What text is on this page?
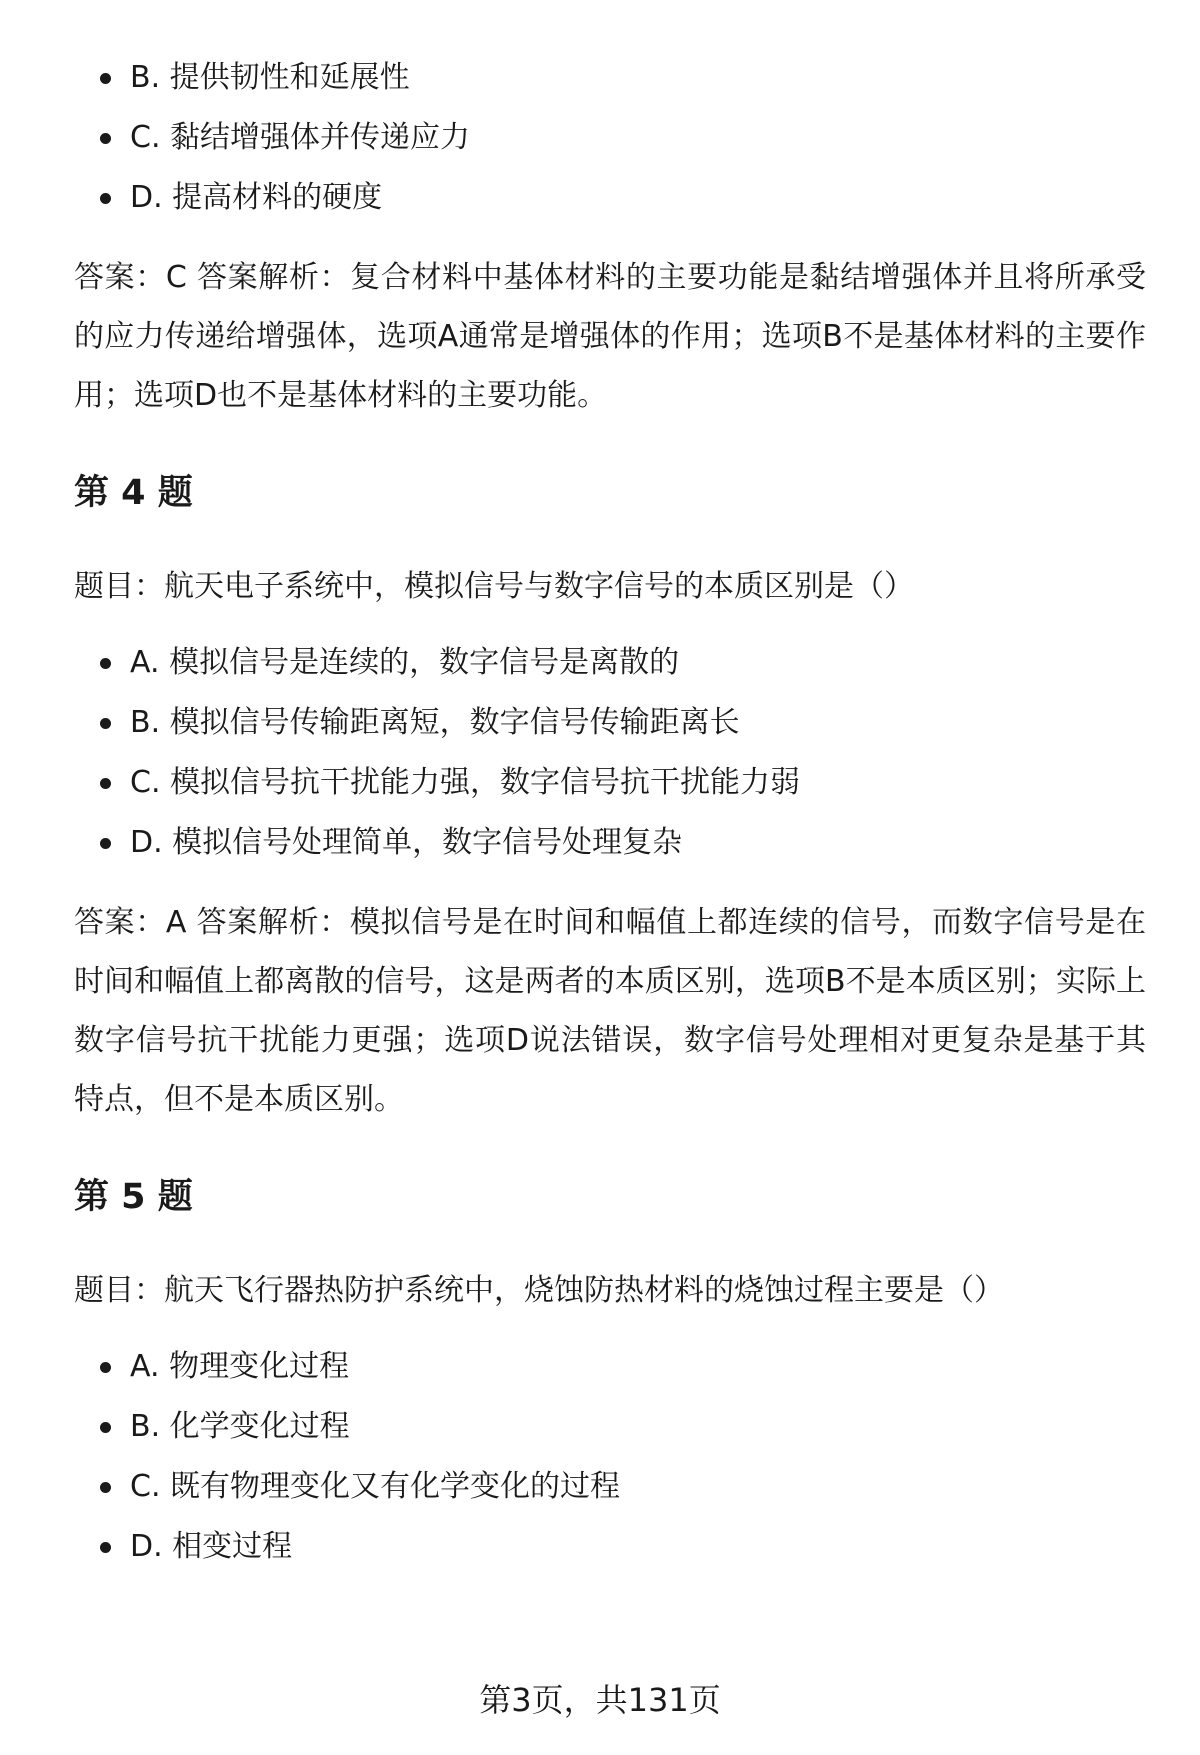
B. 提供韧性和延展性
C. 黏结增强体并传递应力
D. 提高材料的硬度

答案：C 答案解析：复合材料中基体材料的主要功能是黏结增强体并且将所承受的应力传递给增强体，选项A通常是增强体的作用；选项B不是基体材料的主要作用；选项D也不是基体材料的主要功能。

第 4 题

题目：航天电子系统中，模拟信号与数字信号的本质区别是（）

A. 模拟信号是连续的，数字信号是离散的
B. 模拟信号传输距离短，数字信号传输距离长
C. 模拟信号抗干扰能力强，数字信号抗干扰能力弱
D. 模拟信号处理简单，数字信号处理复杂

答案：A 答案解析：模拟信号是在时间和幅值上都连续的信号，而数字信号是在时间和幅值上都离散的信号，这是两者的本质区别，选项B不是本质区别；实际上数字信号抗干扰能力更强；选项D说法错误，数字信号处理相对更复杂是基于其特点，但不是本质区别。

第 5 题

题目：航天飞行器热防护系统中，烧蚀防热材料的烧蚀过程主要是（）

A. 物理变化过程
B. 化学变化过程
C. 既有物理变化又有化学变化的过程
D. 相变过程
第3页，共131页
